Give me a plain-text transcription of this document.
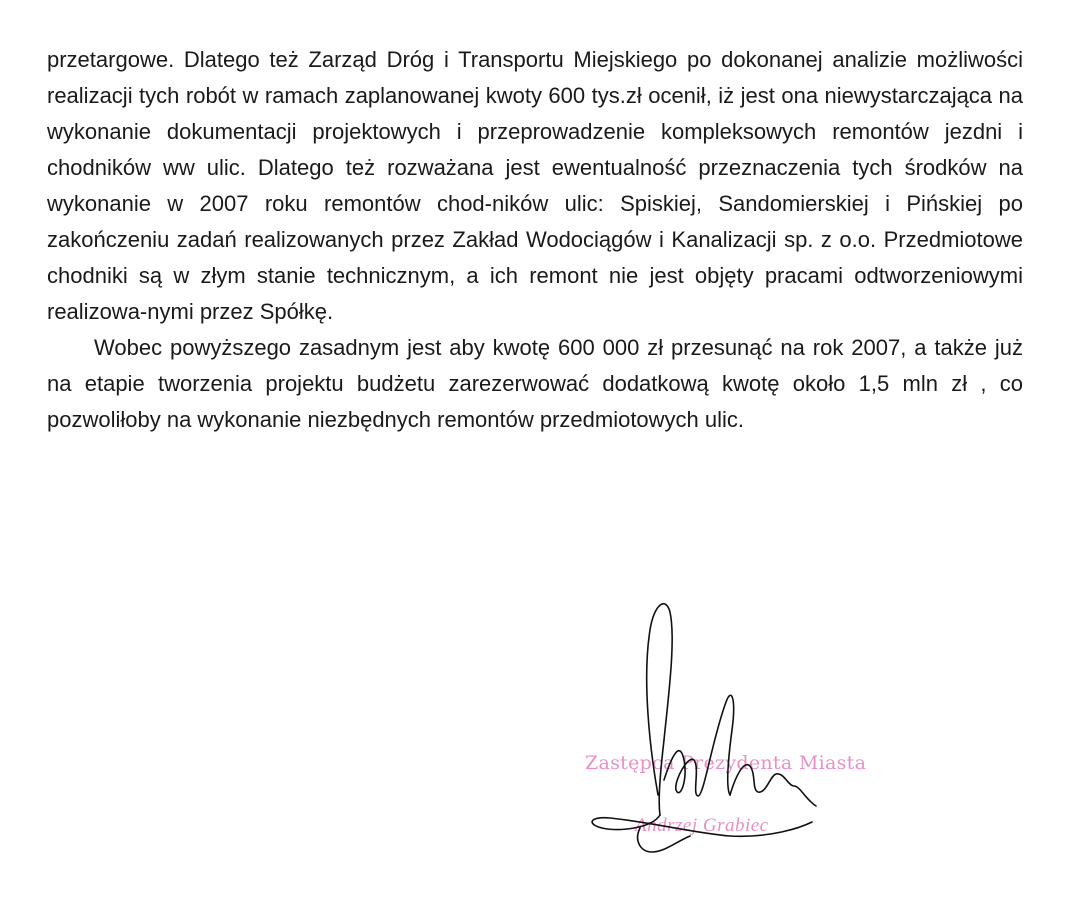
przetargowe. Dlatego też Zarząd Dróg i Transportu Miejskiego po dokonanej analizie możliwości realizacji tych robót w ramach zaplanowanej kwoty 600 tys.zł ocenił, iż jest ona niewystarczająca na wykonanie dokumentacji projektowych i przeprowadzenie kompleksowych remontów jezdni i chodników ww ulic. Dlatego też rozważana jest ewentualność przeznaczenia tych środków na wykonanie w 2007 roku remontów chod-ników ulic: Spiskiej, Sandomierskiej i Pińskiej po zakończeniu zadań realizowanych przez Zakład Wodociągów i Kanalizacji sp. z o.o. Przedmiotowe chodniki są w złym stanie technicznym, a ich remont nie jest objęty pracami odtworzeniowymi realizowa-nymi przez Spółkę.

Wobec powyższego zasadnym jest aby kwotę 600 000 zł przesunąć na rok 2007, a także już na etapie tworzenia projektu budżetu zarezerwować dodatkową kwotę około 1,5 mln zł , co pozwoliłoby na wykonanie niezbędnych remontów przedmiotowych ulic.

Zastępca Prezydenta Miasta
Andrzej Grabiec
